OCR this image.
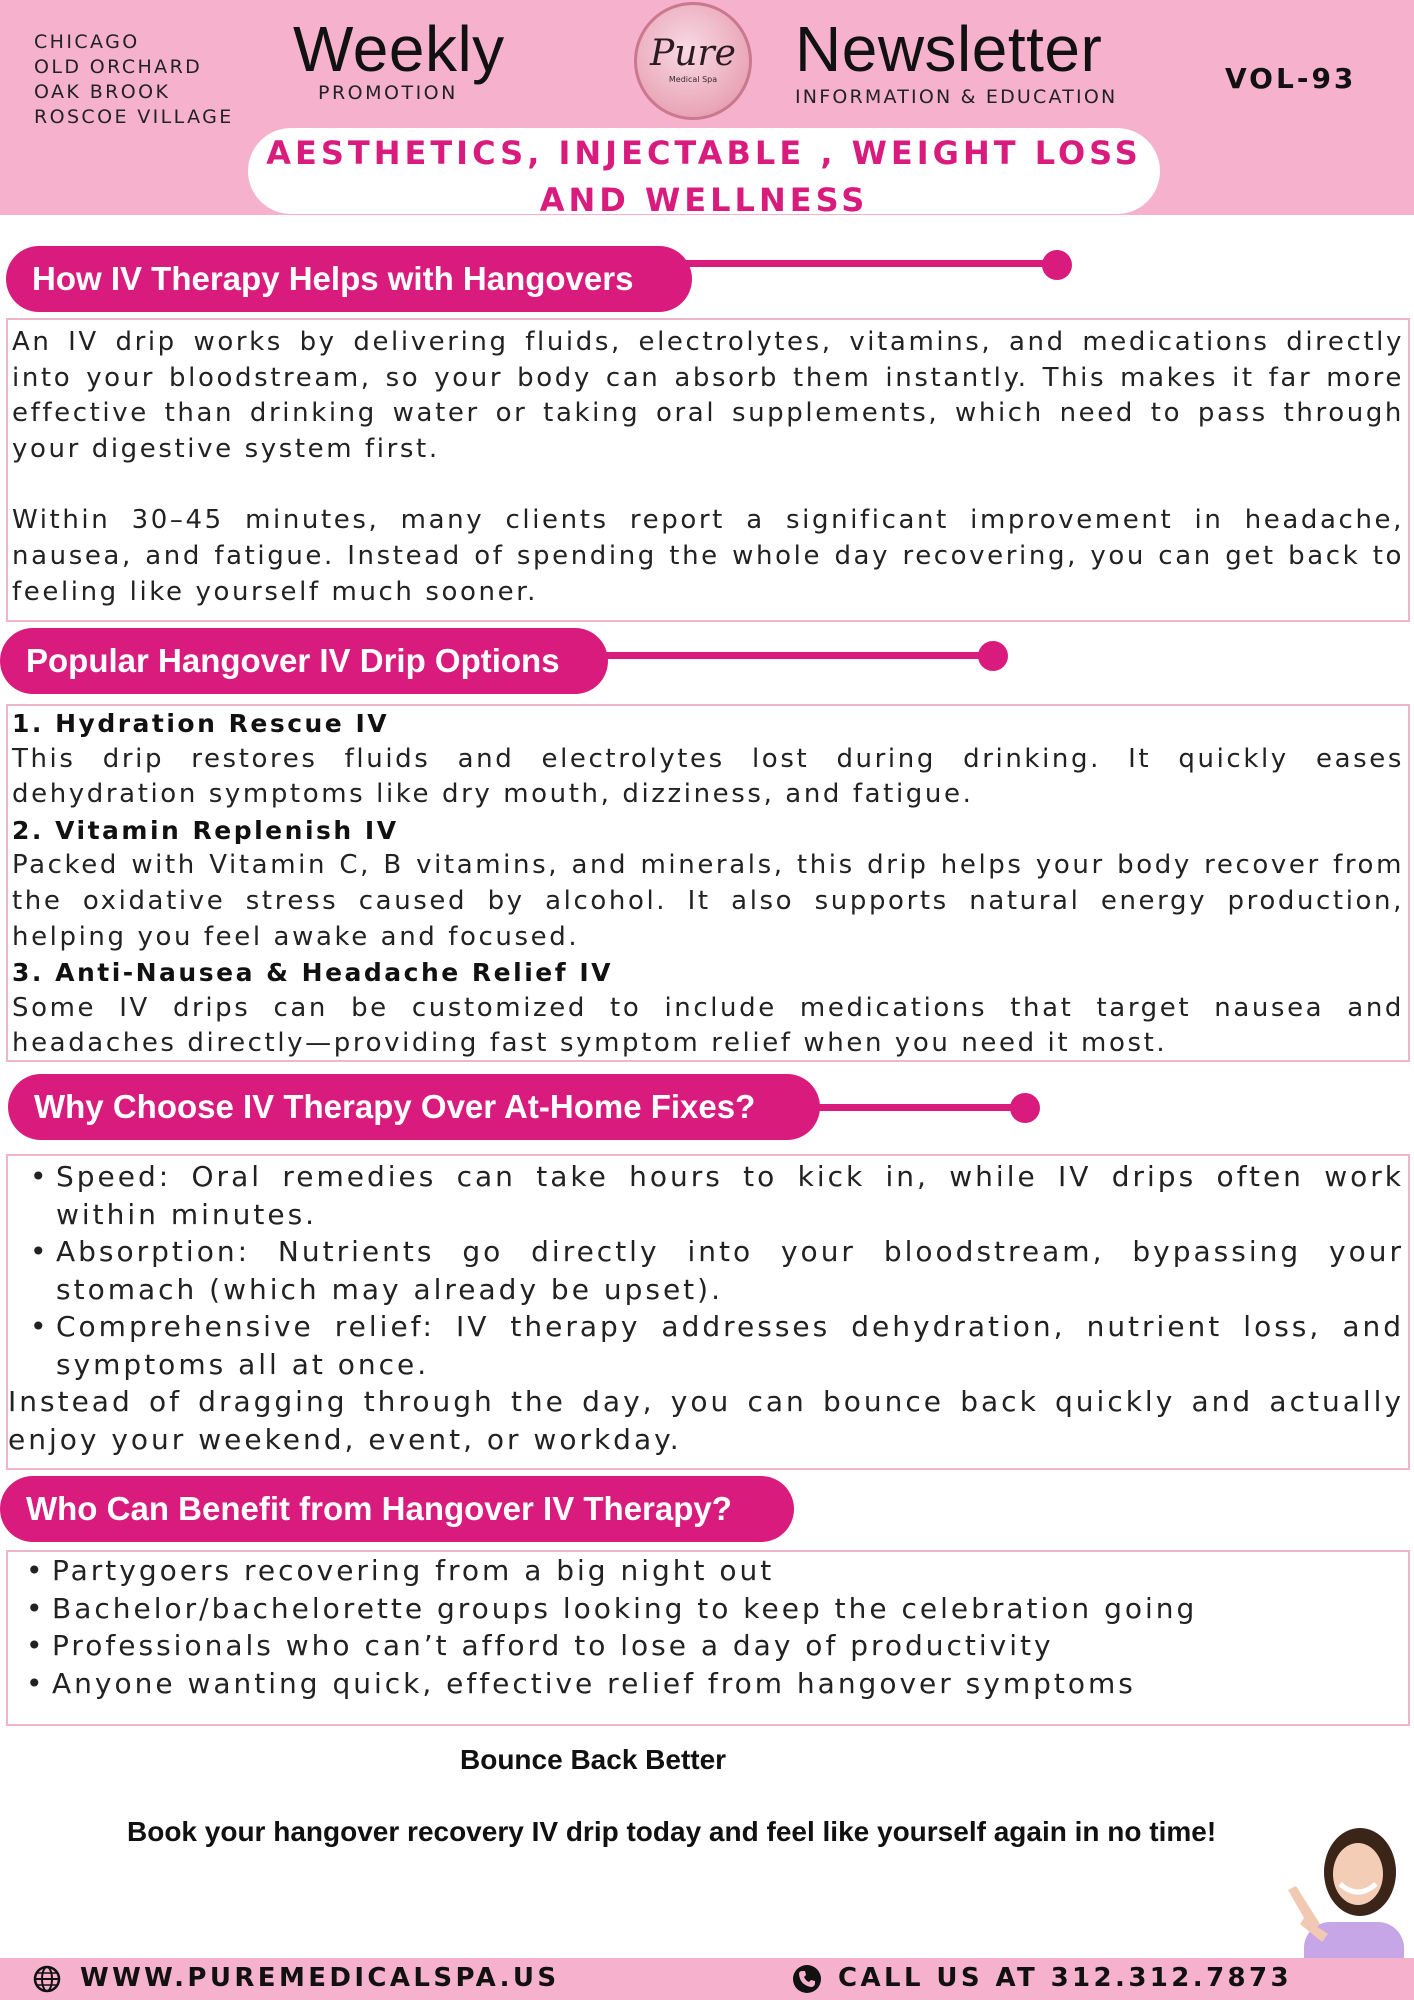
CHICAGO
OLD ORCHARD
OAK BROOK
ROSCOE VILLAGE
Weekly
PROMOTION
Pure
Medical Spa	Newsletter
INFORMATION & EDUCATION
VOL-93
AESTHETICS, INJECTABLE , WEIGHT LOSS
AND WELLNESS
How IV Therapy Helps with Hangovers

An IV drip works by delivering fluids, electrolytes, vitamins, and medications directly into your bloodstream, so your body can absorb them instantly. This makes it far more effective than drinking water or taking oral supplements, which need to pass through your digestive system first.

Within 30–45 minutes, many clients report a significant improvement in headache, nausea, and fatigue. Instead of spending the whole day recovering, you can get back to feeling like yourself much sooner.

Popular Hangover IV Drip Options
1. Hydration Rescue IV

This drip restores fluids and electrolytes lost during drinking. It quickly eases dehydration symptoms like dry mouth, dizziness, and fatigue.

2. Vitamin Replenish IV

Packed with Vitamin C, B vitamins, and minerals, this drip helps your body recover from the oxidative stress caused by alcohol. It also supports natural energy production, helping you feel awake and focused.

3. Anti-Nausea & Headache Relief IV

Some IV drips can be customized to include medications that target nausea and headaches directly—providing fast symptom relief when you need it most.

Why Choose IV Therapy Over At-Home Fixes?
• Speed: Oral remedies can take hours to kick in, while IV drips often work within minutes.
• Absorption: Nutrients go directly into your bloodstream, bypassing your stomach (which may already be upset).
• Comprehensive relief: IV therapy addresses dehydration, nutrient loss, and symptoms all at once.

Instead of dragging through the day, you can bounce back quickly and actually enjoy your weekend, event, or workday.

Who Can Benefit from Hangover IV Therapy?
• Partygoers recovering from a big night out
• Bachelor/bachelorette groups looking to keep the celebration going
• Professionals who can’t afford to lose a day of productivity
• Anyone wanting quick, effective relief from hangover symptoms
Bounce Back Better
Book your hangover recovery IV drip today and feel like yourself again in no time!
WWW.PUREMEDICALSPA.US	CALL US AT 312.312.7873
